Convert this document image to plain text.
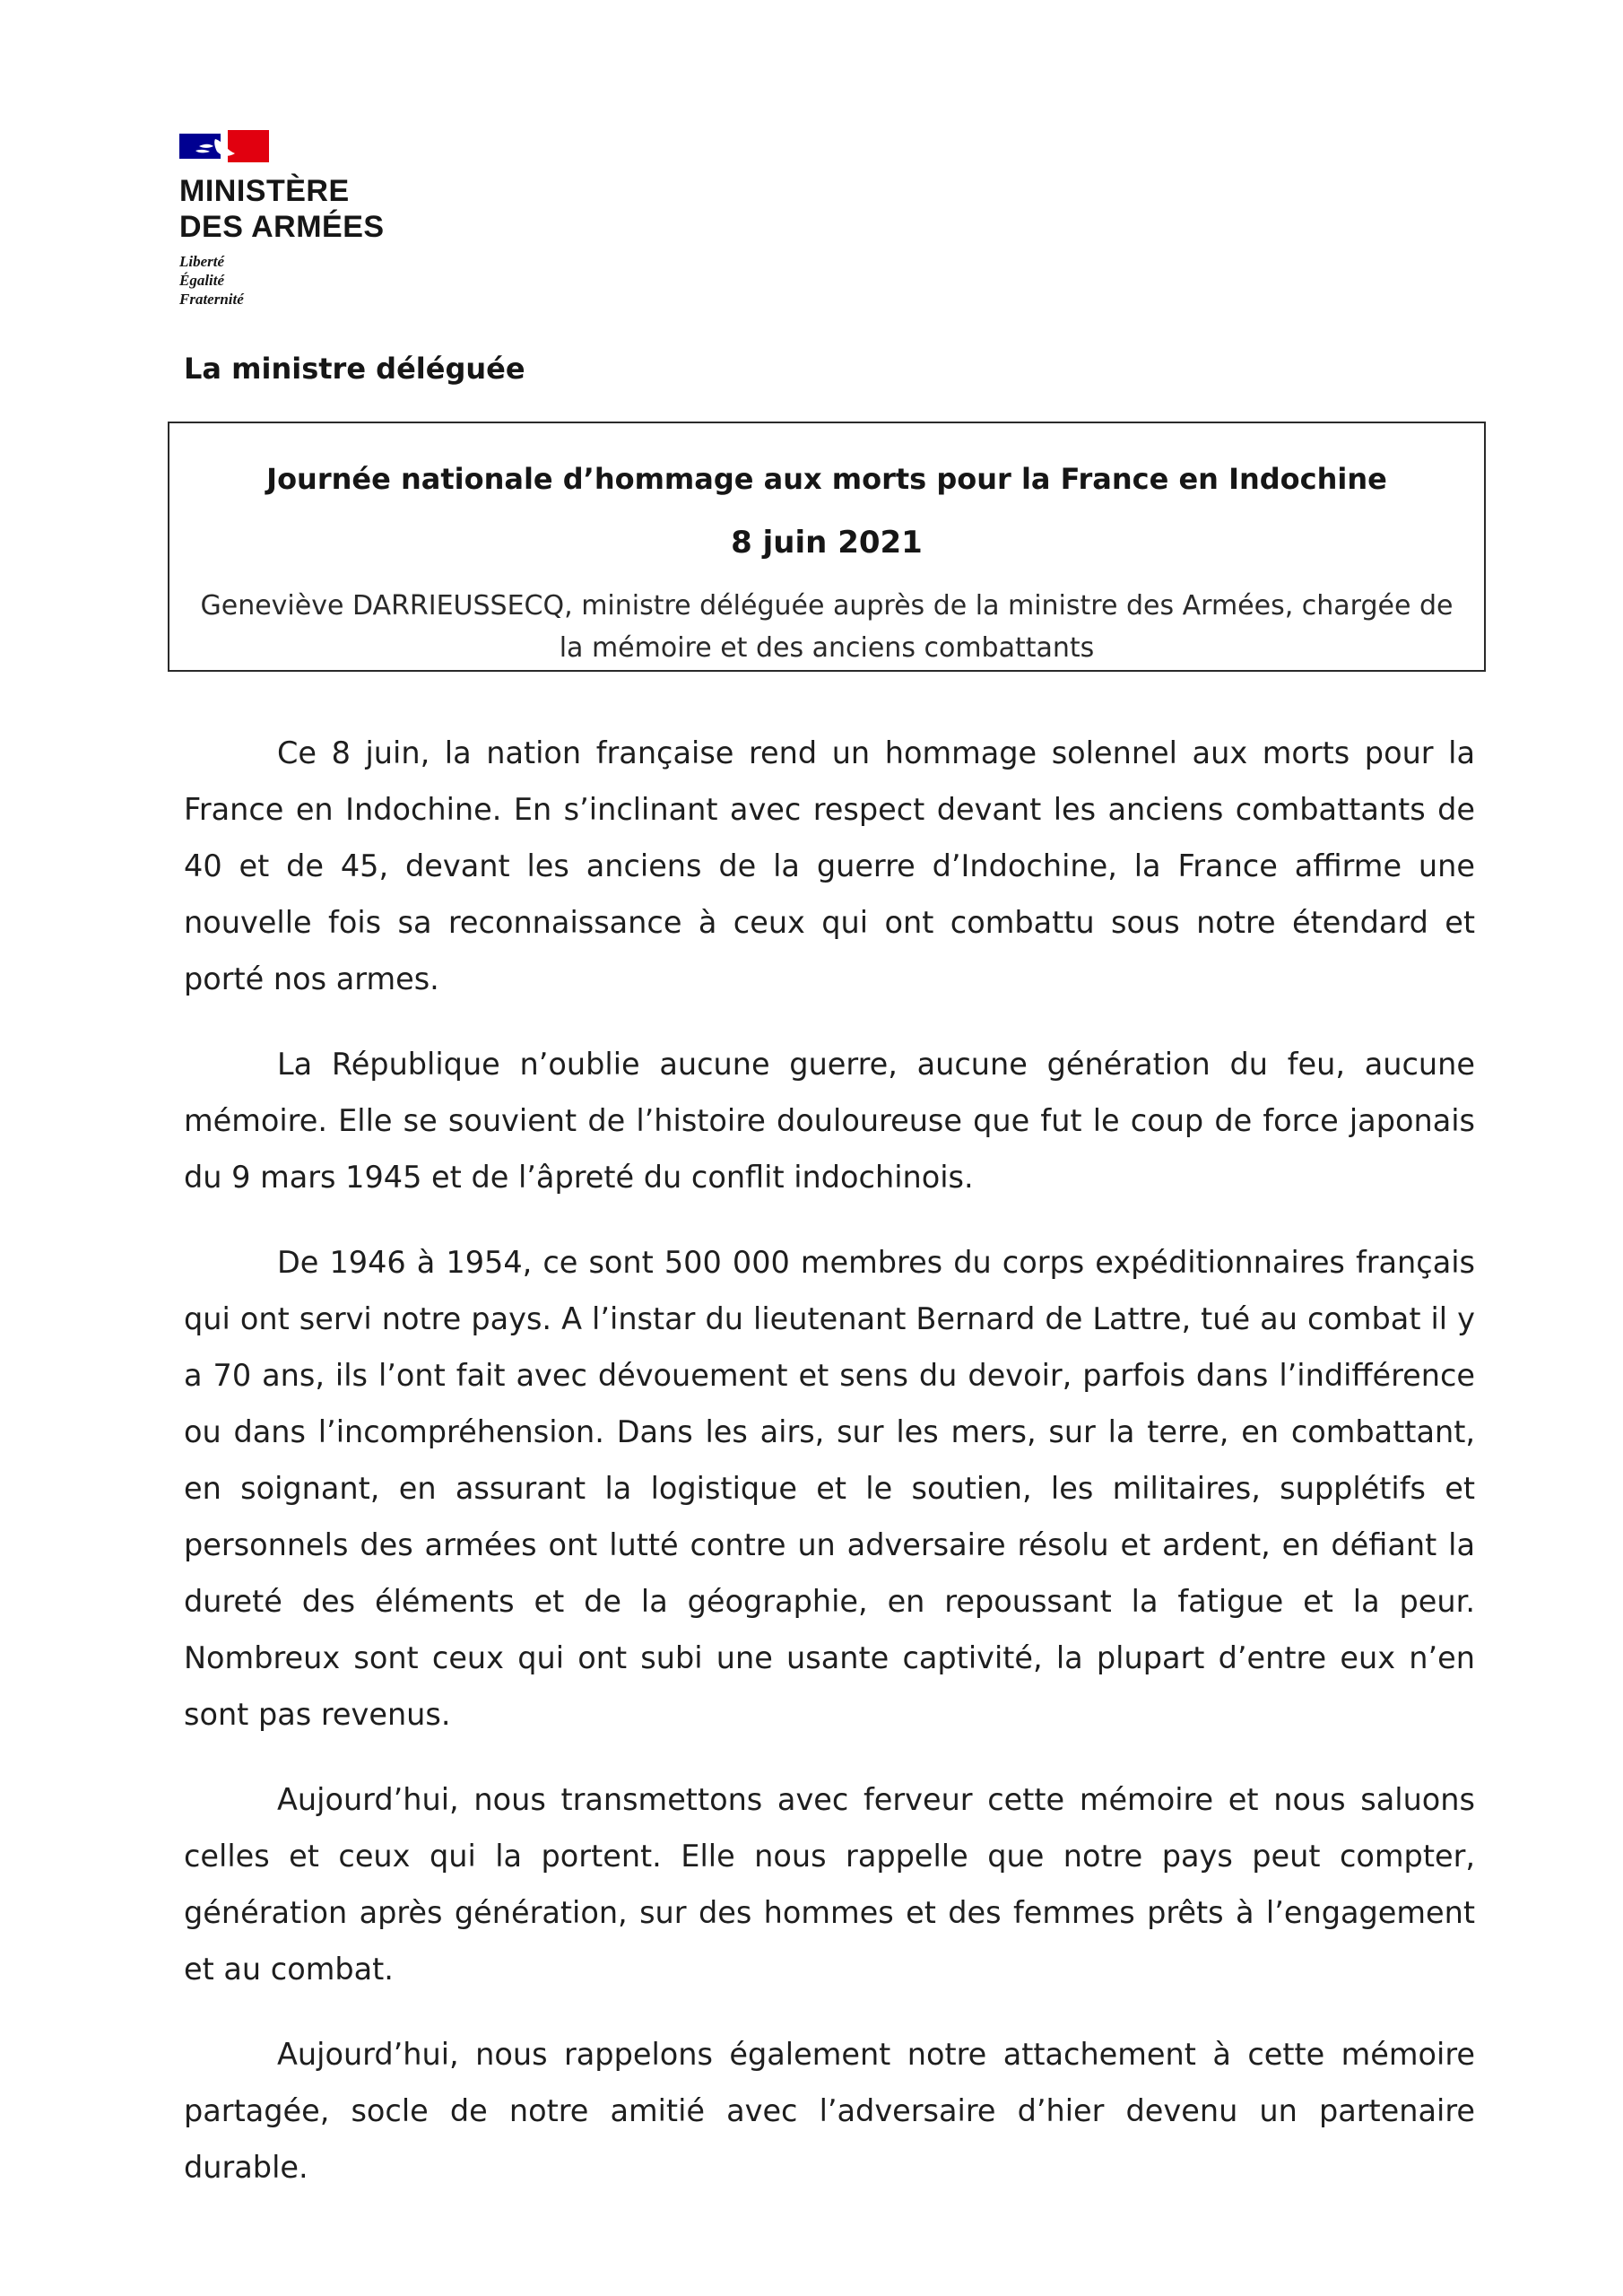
MINISTÈRE
DES ARMÉES
Liberté
Égalité
Fraternité
La ministre déléguée
Journée nationale d’hommage aux morts pour la France en Indochine
8 juin 2021
Geneviève DARRIEUSSECQ, ministre déléguée auprès de la ministre des Armées, chargée de
la mémoire et des anciens combattants

Ce 8 juin, la nation française rend un hommage solennel aux morts pour la France en Indochine. En s’inclinant avec respect devant les anciens combattants de 40 et de 45, devant les anciens de la guerre d’Indochine, la France affirme une nouvelle fois sa reconnaissance à ceux qui ont combattu sous notre étendard et porté nos armes.

La République n’oublie aucune guerre, aucune génération du feu, aucune mémoire. Elle se souvient de l’histoire douloureuse que fut le coup de force japonais du 9 mars 1945 et de l’âpreté du conflit indochinois.

De 1946 à 1954, ce sont 500 000 membres du corps expéditionnaires français qui ont servi notre pays. A l’instar du lieutenant Bernard de Lattre, tué au combat il y a 70 ans, ils l’ont fait avec dévouement et sens du devoir, parfois dans l’indifférence ou dans l’incompréhension. Dans les airs, sur les mers, sur la terre, en combattant, en soignant, en assurant la logistique et le soutien, les militaires, supplétifs et personnels des armées ont lutté contre un adversaire résolu et ardent, en défiant la dureté des éléments et de la géographie, en repoussant la fatigue et la peur. Nombreux sont ceux qui ont subi une usante captivité, la plupart d’entre eux n’en sont pas revenus.

Aujourd’hui, nous transmettons avec ferveur cette mémoire et nous saluons celles et ceux qui la portent. Elle nous rappelle que notre pays peut compter, génération après génération, sur des hommes et des femmes prêts à l’engagement et au combat.

Aujourd’hui, nous rappelons également notre attachement à cette mémoire partagée, socle de notre amitié avec l’adversaire d’hier devenu un partenaire durable.
